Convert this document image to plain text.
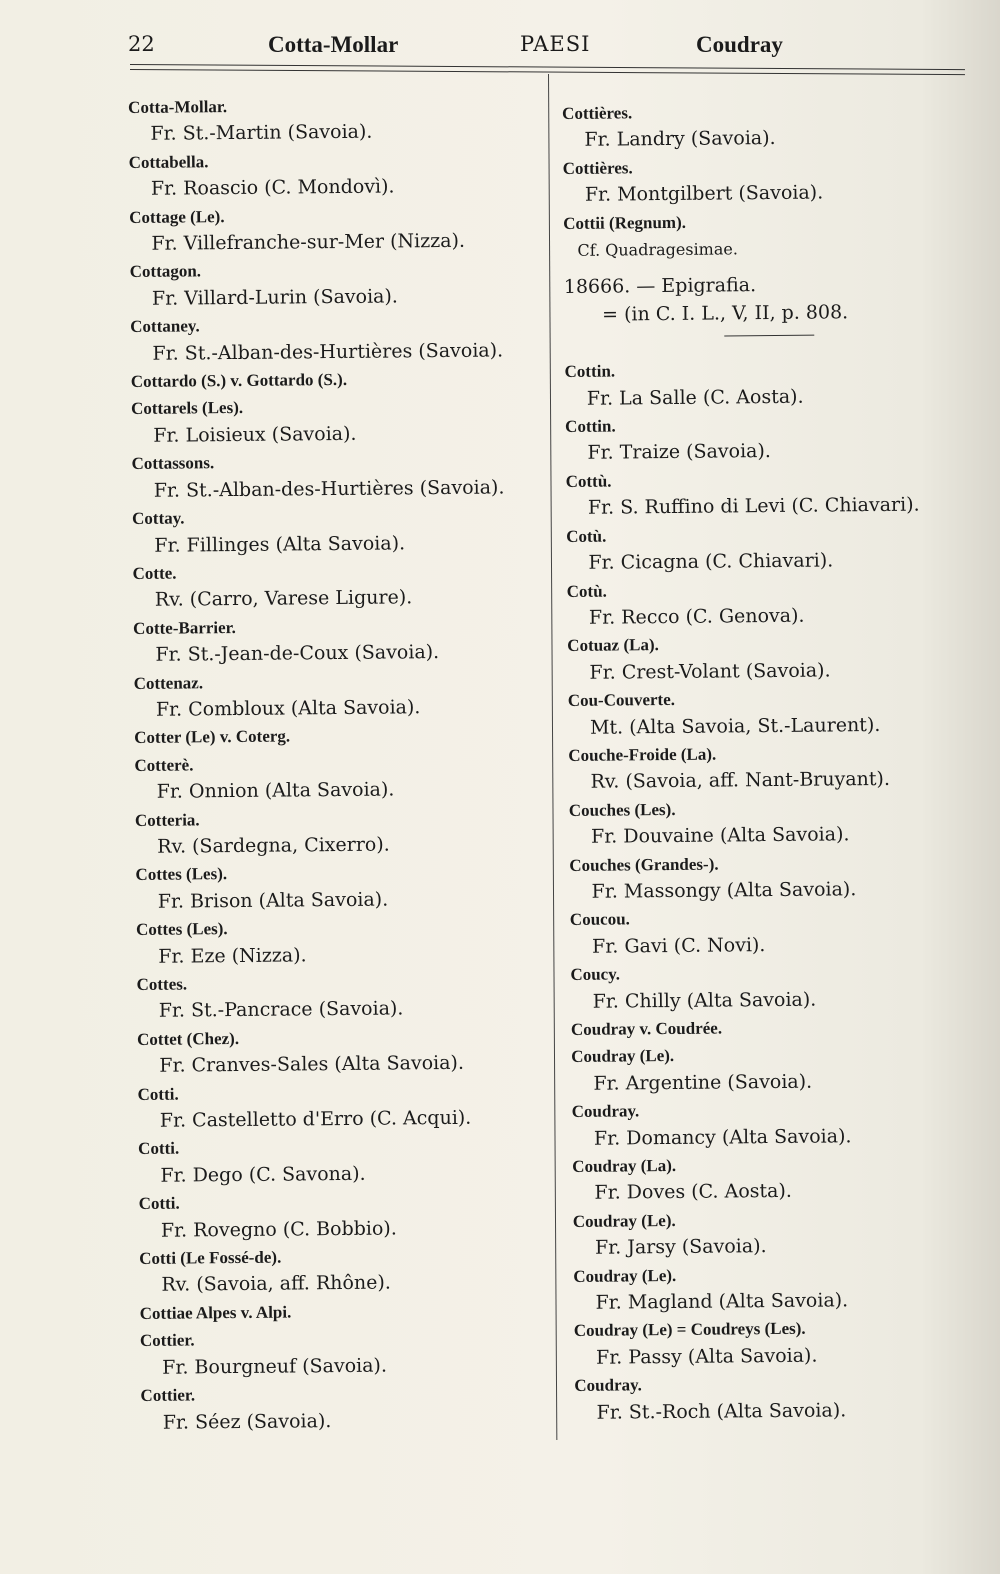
22	Cotta-Mollar	PAESI	Coudray
Cotta-Mollar.
Fr. St.-Martin (Savoia).
Cottabella.
Fr. Roascio (C. Mondovì).
Cottage (Le).
Fr. Villefranche-sur-Mer (Nizza).
Cottagon.
Fr. Villard-Lurin (Savoia).
Cottaney.
Fr. St.-Alban-des-Hurtières (Savoia).
Cottardo (S.) v. Gottardo (S.).
Cottarels (Les).
Fr. Loisieux (Savoia).
Cottassons.
Fr. St.-Alban-des-Hurtières (Savoia).
Cottay.
Fr. Fillinges (Alta Savoia).
Cotte.
Rv. (Carro, Varese Ligure).
Cotte-Barrier.
Fr. St.-Jean-de-Coux (Savoia).
Cottenaz.
Fr. Combloux (Alta Savoia).
Cotter (Le) v. Coterg.
Cotterè.
Fr. Onnion (Alta Savoia).
Cotteria.
Rv. (Sardegna, Cixerro).
Cottes (Les).
Fr. Brison (Alta Savoia).
Cottes (Les).
Fr. Eze (Nizza).
Cottes.
Fr. St.-Pancrace (Savoia).
Cottet (Chez).
Fr. Cranves-Sales (Alta Savoia).
Cotti.
Fr. Castelletto d'Erro (C. Acqui).
Cotti.
Fr. Dego (C. Savona).
Cotti.
Fr. Rovegno (C. Bobbio).
Cotti (Le Fossé-de).
Rv. (Savoia, aff. Rhône).
Cottiae Alpes v. Alpi.
Cottier.
Fr. Bourgneuf (Savoia).
Cottier.
Fr. Séez (Savoia).
Cottières.
Fr. Landry (Savoia).
Cottières.
Fr. Montgilbert (Savoia).
Cottii (Regnum).
Cf. Quadragesimae.
18666. — Epigrafia.
= (in C. I. L., V, II, p. 808.
Cottin.
Fr. La Salle (C. Aosta).
Cottin.
Fr. Traize (Savoia).
Cottù.
Fr. S. Ruffino di Levi (C. Chiavari).
Cotù.
Fr. Cicagna (C. Chiavari).
Cotù.
Fr. Recco (C. Genova).
Cotuaz (La).
Fr. Crest-Volant (Savoia).
Cou-Couverte.
Mt. (Alta Savoia, St.-Laurent).
Couche-Froide (La).
Rv. (Savoia, aff. Nant-Bruyant).
Couches (Les).
Fr. Douvaine (Alta Savoia).
Couches (Grandes-).
Fr. Massongy (Alta Savoia).
Coucou.
Fr. Gavi (C. Novi).
Coucy.
Fr. Chilly (Alta Savoia).
Coudray v. Coudrée.
Coudray (Le).
Fr. Argentine (Savoia).
Coudray.
Fr. Domancy (Alta Savoia).
Coudray (La).
Fr. Doves (C. Aosta).
Coudray (Le).
Fr. Jarsy (Savoia).
Coudray (Le).
Fr. Magland (Alta Savoia).
Coudray (Le) = Coudreys (Les).
Fr. Passy (Alta Savoia).
Coudray.
Fr. St.-Roch (Alta Savoia).
